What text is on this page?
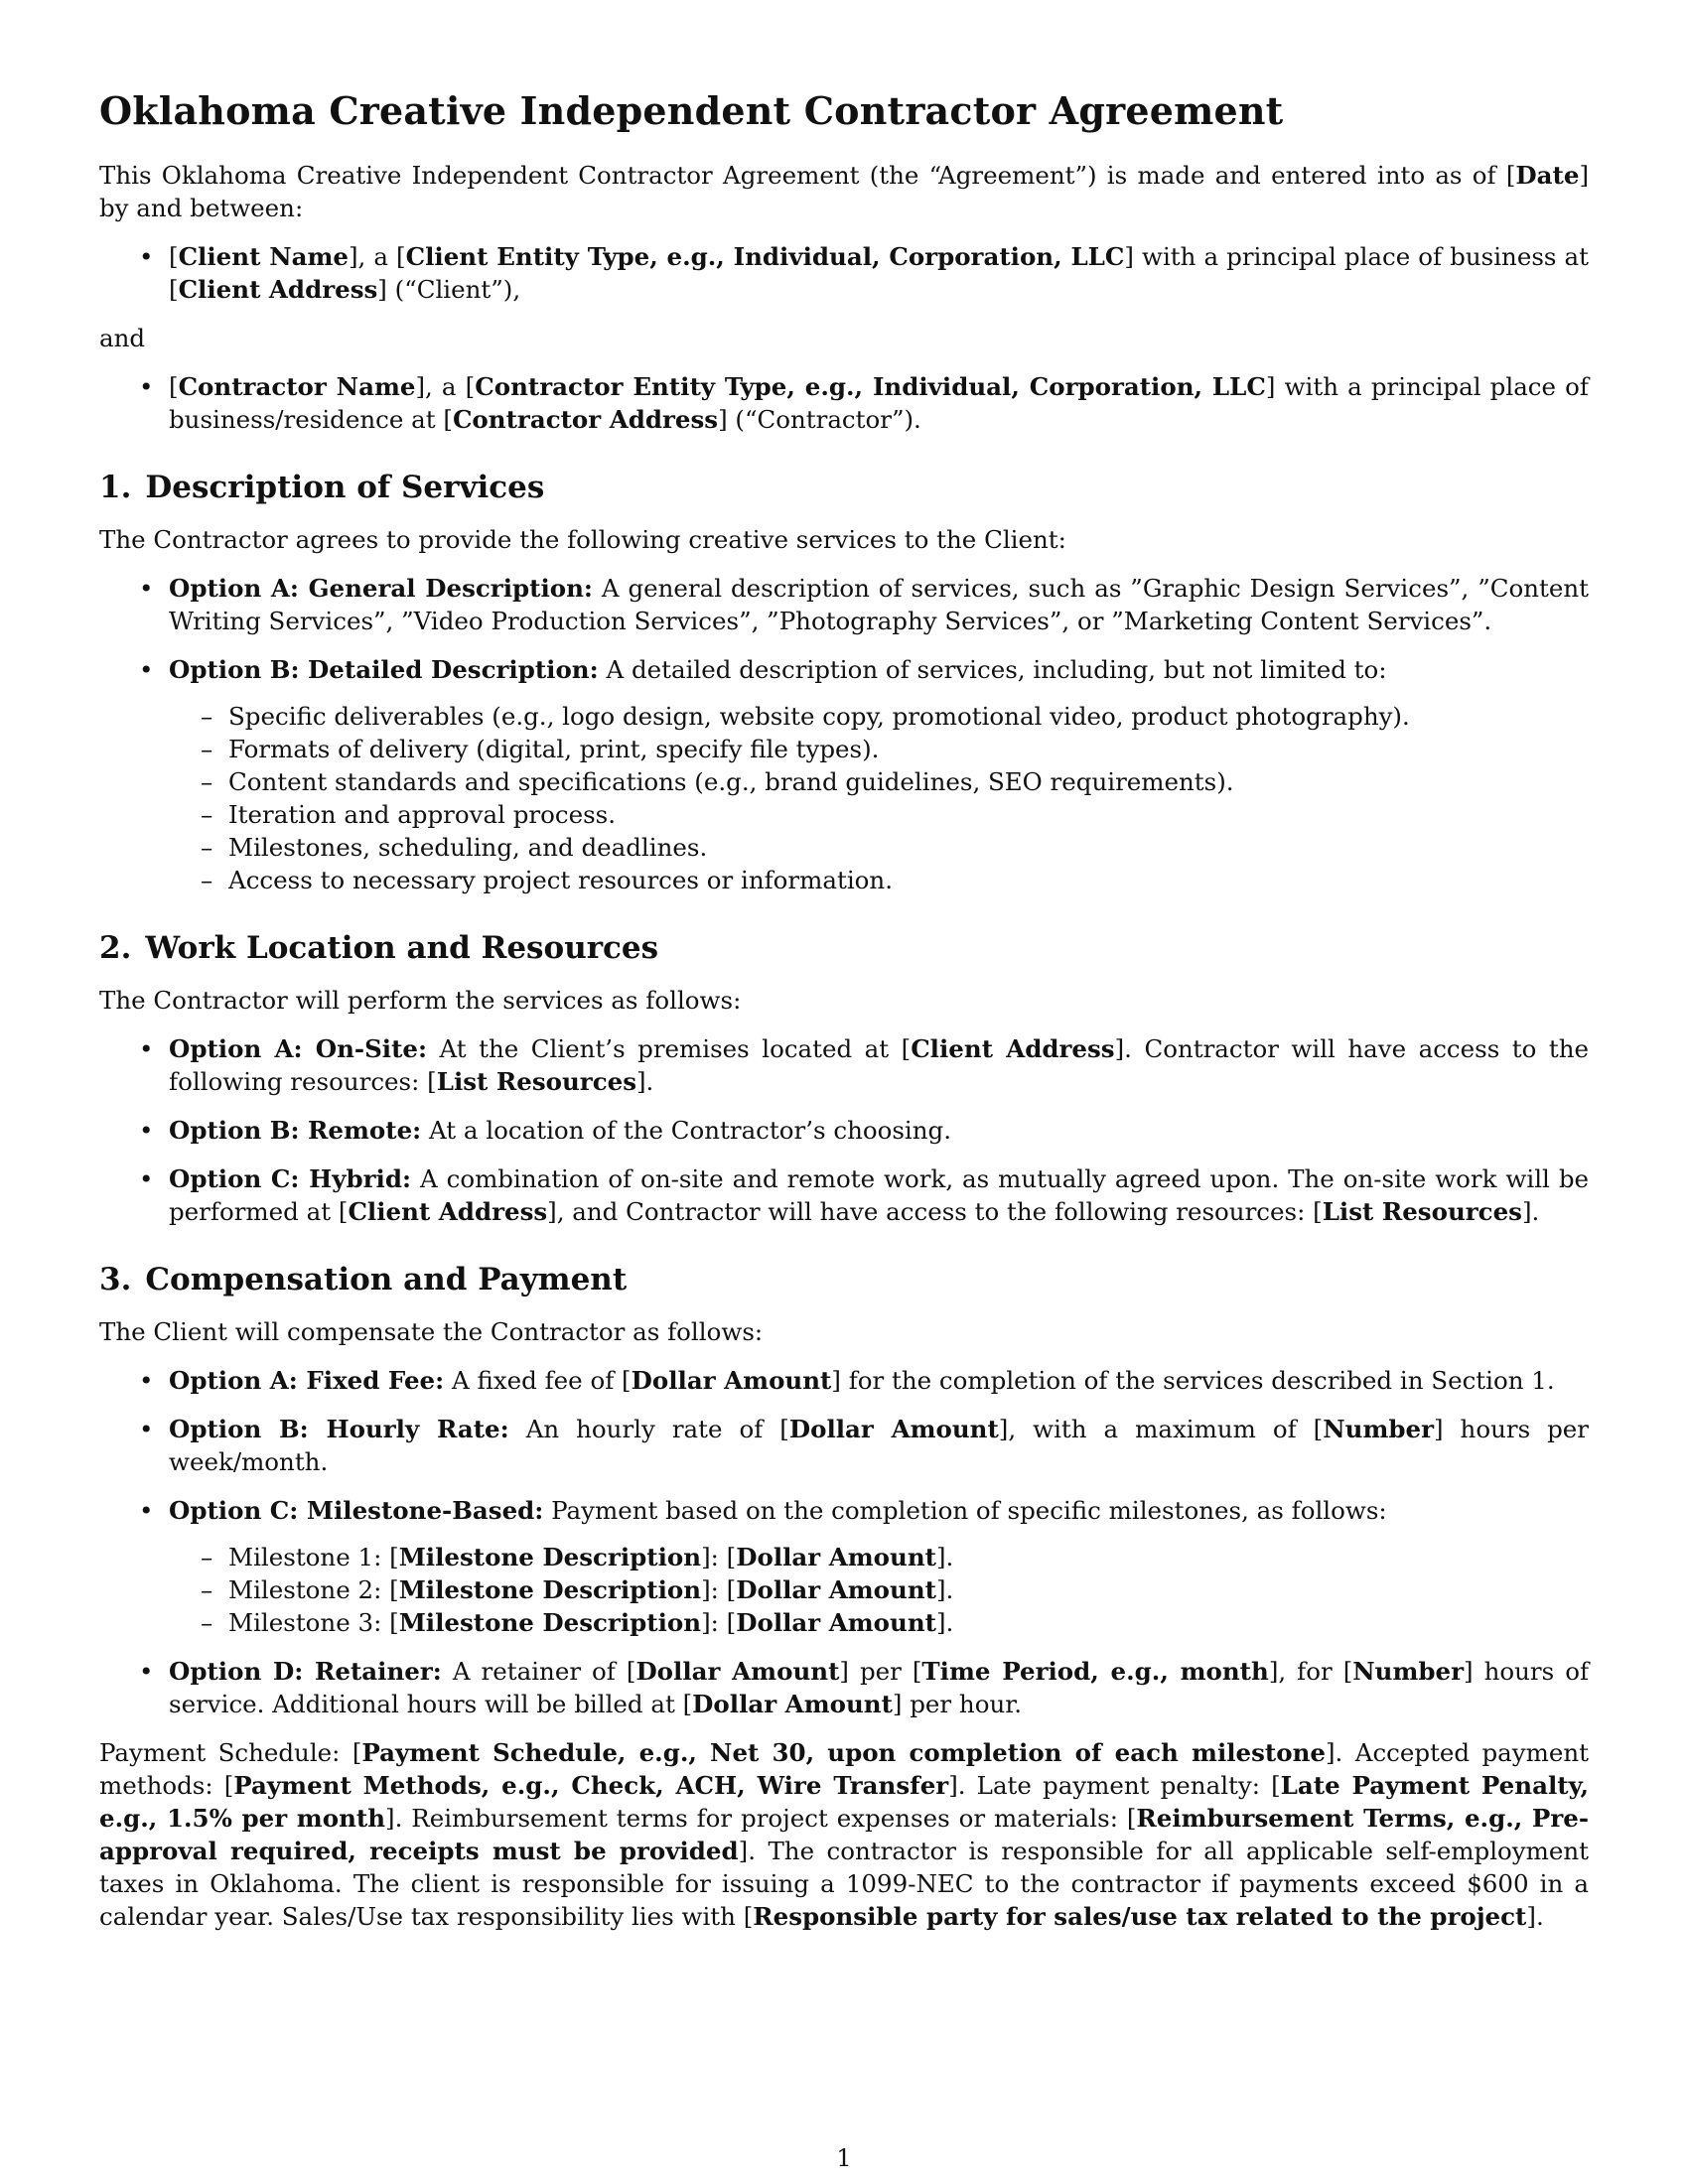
Oklahoma Creative Independent Contractor Agreement

This Oklahoma Creative Independent Contractor Agreement (the “Agreement”) is made and entered into as of [Date] by and between:

• [Client Name], a [Client Entity Type, e.g., Individual, Corporation, LLC] with a principal place of business at [Client Address] (“Client”),
and
• [Contractor Name], a [Contractor Entity Type, e.g., Individual, Corporation, LLC] with a principal place of business/residence at [Contractor Address] (“Contractor”).
1. Description of Services

The Contractor agrees to provide the following creative services to the Client:

• Option A: General Description: A general description of services, such as ”Graphic Design Services”, ”Content Writing Services”, ”Video Production Services”, ”Photography Services”, or ”Marketing Content Services”.
• Option B: Detailed Description: A detailed description of services, including, but not limited to:
– Specific deliverables (e.g., logo design, website copy, promotional video, product photography).
– Formats of delivery (digital, print, specify file types).
– Content standards and specifications (e.g., brand guidelines, SEO requirements).
– Iteration and approval process.
– Milestones, scheduling, and deadlines.
– Access to necessary project resources or information.
2. Work Location and Resources

The Contractor will perform the services as follows:

• Option A: On-Site: At the Client’s premises located at [Client Address]. Contractor will have access to the following resources: [List Resources].
• Option B: Remote: At a location of the Contractor’s choosing.
• Option C: Hybrid: A combination of on-site and remote work, as mutually agreed upon. The on-site work will be performed at [Client Address], and Contractor will have access to the following resources: [List Resources].
3. Compensation and Payment

The Client will compensate the Contractor as follows:

• Option A: Fixed Fee: A fixed fee of [Dollar Amount] for the completion of the services described in Section 1.
• Option B: Hourly Rate: An hourly rate of [Dollar Amount], with a maximum of [Number] hours per week/month.
• Option C: Milestone-Based: Payment based on the completion of specific milestones, as follows:
– Milestone 1: [Milestone Description]: [Dollar Amount].
– Milestone 2: [Milestone Description]: [Dollar Amount].
– Milestone 3: [Milestone Description]: [Dollar Amount].
• Option D: Retainer: A retainer of [Dollar Amount] per [Time Period, e.g., month], for [Number] hours of service. Additional hours will be billed at [Dollar Amount] per hour.

Payment Schedule: [Payment Schedule, e.g., Net 30, upon completion of each milestone]. Accepted payment methods: [Payment Methods, e.g., Check, ACH, Wire Transfer]. Late payment penalty: [Late Payment Penalty, e.g., 1.5% per month]. Reimbursement terms for project expenses or materials: [Reimbursement Terms, e.g., Pre-approval required, receipts must be provided]. The contractor is responsible for all applicable self-employment taxes in Oklahoma. The client is responsible for issuing a 1099-NEC to the contractor if payments exceed $600 in a calendar year. Sales/Use tax responsibility lies with [Responsible party for sales/use tax related to the project].

1
